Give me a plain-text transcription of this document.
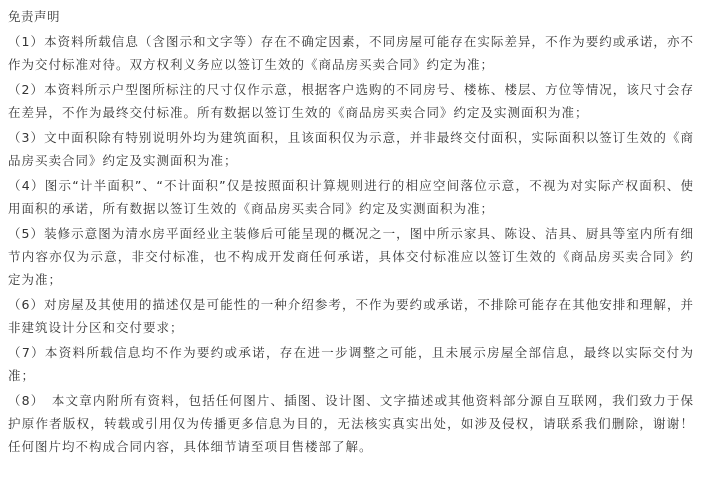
免责声明
（1）本资料所载信息（含图示和文字等）存在不确定因素，不同房屋可能存在实际差异，不作为要约或承诺，亦不作为交付标准对待。双方权利义务应以签订生效的《商品房买卖合同》约定为准；
（2）本资料所示户型图所标注的尺寸仅作示意，根据客户选购的不同房号、楼栋、楼层、方位等情况，该尺寸会存在差异，不作为最终交付标准。所有数据以签订生效的《商品房买卖合同》约定及实测面积为准；
（3）文中面积除有特别说明外均为建筑面积，且该面积仅为示意，并非最终交付面积，实际面积以签订生效的《商品房买卖合同》约定及实测面积为准；
（4）图示“计半面积”、“不计面积”仅是按照面积计算规则进行的相应空间落位示意，不视为对实际产权面积、使用面积的承诺，所有数据以签订生效的《商品房买卖合同》约定及实测面积为准；
（5）装修示意图为清水房平面经业主装修后可能呈现的概况之一，图中所示家具、陈设、洁具、厨具等室内所有细节内容亦仅为示意，非交付标准，也不构成开发商任何承诺，具体交付标准应以签订生效的《商品房买卖合同》约定为准；
（6）对房屋及其使用的描述仅是可能性的一种介绍参考，不作为要约或承诺，不排除可能存在其他安排和理解，并非建筑设计分区和交付要求；
（7）本资料所载信息均不作为要约或承诺，存在进一步调整之可能，且未展示房屋全部信息，最终以实际交付为准；
（8）　本文章内附所有资料，包括任何图片、插图、设计图、文字描述或其他资料部分源自互联网，我们致力于保护原作者版权，转载或引用仅为传播更多信息为目的，无法核实真实出处，如涉及侵权，请联系我们删除，谢谢！任何图片均不构成合同内容，具体细节请至项目售楼部了解。
